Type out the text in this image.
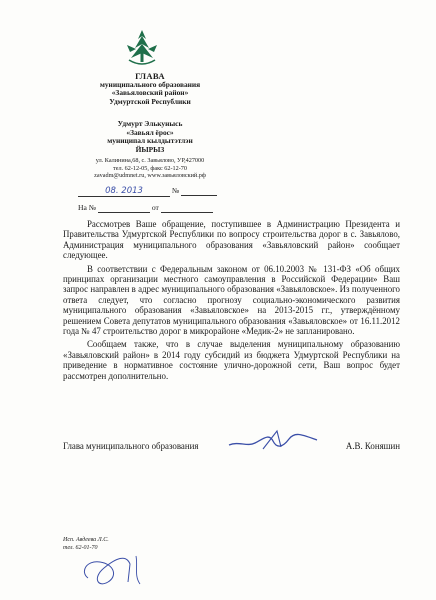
ГЛАВА
муниципального образования
«Завьяловский район»
Удмуртской Республики
Удмурт Элькунысь
«Завьял ёрос»
муниципал кылдытэтлэн
ЙЫРЫЗ
ул. Калинина,68, с. Завьялово, УР,427000
тел. 62-12-05, факс 62-12-70
zavadm@udmnet.ru, www.завьяловский.рф
08. 2013	№
На №	от

Рассмотрев Ваше обращение, поступившее в Администрацию Президента и Правительства Удмуртской Республики по вопросу строительства дорог в с. Завьялово, Администрация муниципального образования «Завьяловский район» сообщает следующее.

В соответствии с Федеральным законом от 06.10.2003 № 131-ФЗ «Об общих принципах организации местного самоуправления в Российской Федерации» Ваш запрос направлен в адрес муниципального образования «Завьяловское». Из полученного ответа следует, что согласно прогнозу социально-экономического развития муниципального образования «Завьяловское» на 2013-2015 гг., утверждённому решением Совета депутатов муниципального образования «Завьяловское» от 16.11.2012 года № 47 строительство дорог в микрорайоне «Медик-2» не запланировано.

Сообщаем также, что в случае выделения муниципальному образованию «Завьяловский район» в 2014 году субсидий из бюджета Удмуртской Республики на приведение в нормативное состояние улично-дорожной сети, Ваш вопрос будет рассмотрен дополнительно.

Глава муниципального образования	А.В. Коняшин
Исп. Авдеева Л.С.
тел. 62-01-70
